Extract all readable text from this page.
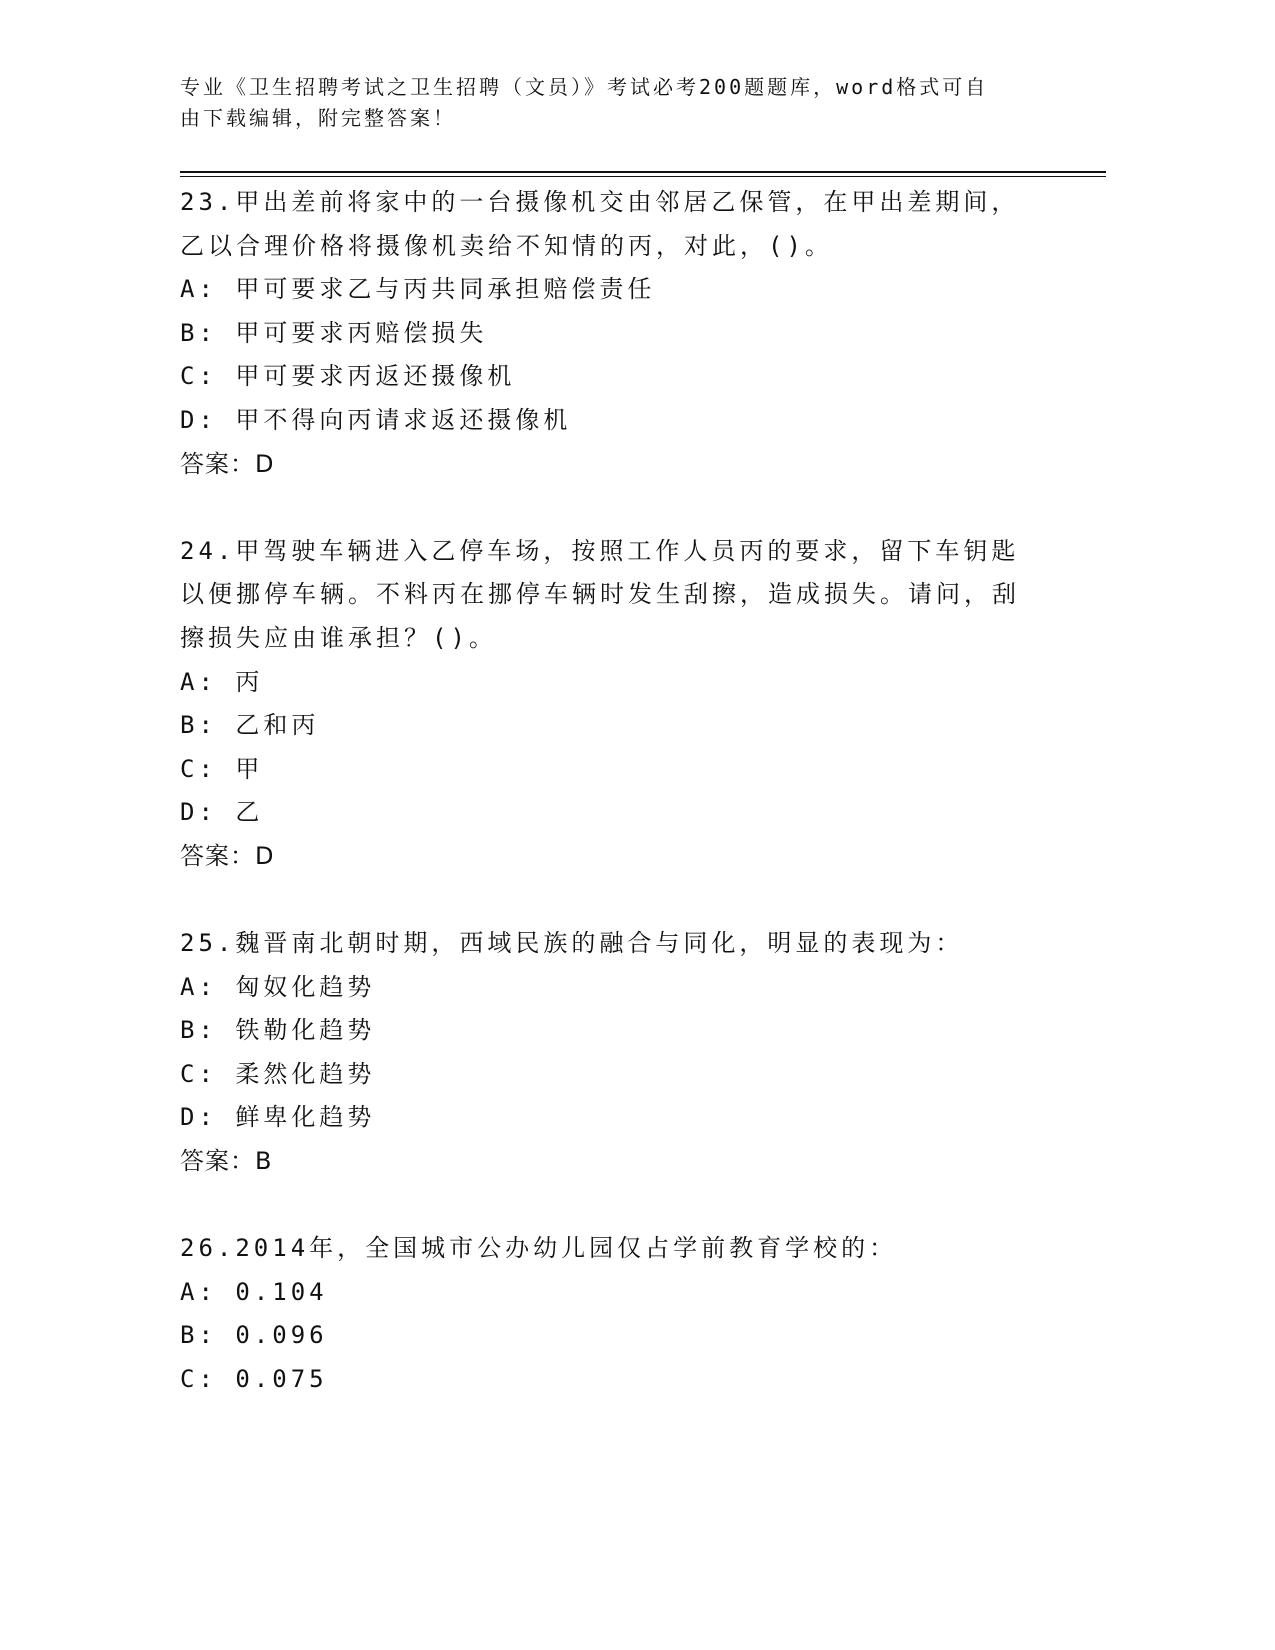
专业《卫生招聘考试之卫生招聘（文员）》考试必考200题题库，word格式可自
由下载编辑，附完整答案！
23.甲出差前将家中的一台摄像机交由邻居乙保管，在甲出差期间，乙以合理价格将摄像机卖给不知情的丙，对此，()。
A: 甲可要求乙与丙共同承担赔偿责任
B: 甲可要求丙赔偿损失
C: 甲可要求丙返还摄像机
D: 甲不得向丙请求返还摄像机
答案：D
24.甲驾驶车辆进入乙停车场，按照工作人员丙的要求，留下车钥匙以便挪停车辆。不料丙在挪停车辆时发生刮擦，造成损失。请问，刮擦损失应由谁承担？()。
A: 丙
B: 乙和丙
C: 甲
D: 乙
答案：D
25.魏晋南北朝时期，西域民族的融合与同化，明显的表现为：
A: 匈奴化趋势
B: 铁勒化趋势
C: 柔然化趋势
D: 鲜卑化趋势
答案：B
26.2014年，全国城市公办幼儿园仅占学前教育学校的：
A: 0.104
B: 0.096
C: 0.075
